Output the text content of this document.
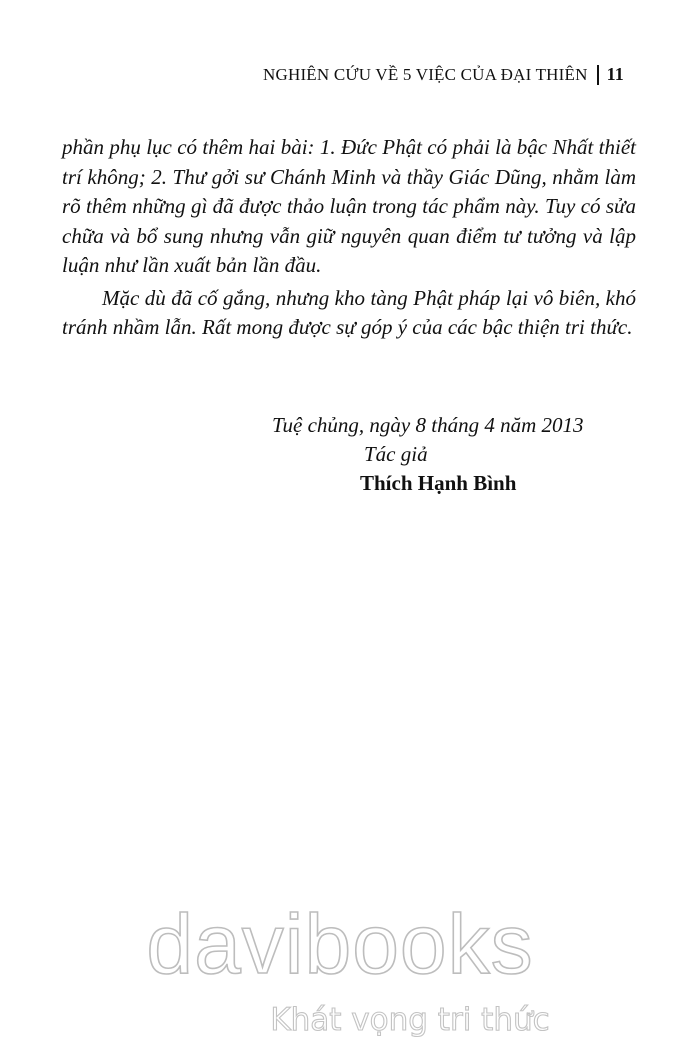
NGHIÊN CỨU VỀ 5 VIỆC CỦA ĐẠI THIÊN 11

phần phụ lục có thêm hai bài: 1. Đức Phật có phải là bậc Nhất thiết trí không; 2. Thư gởi sư Chánh Minh và thầy Giác Dũng, nhằm làm rõ thêm những gì đã được thảo luận trong tác phẩm này. Tuy có sửa chữa và bổ sung nhưng vẫn giữ nguyên quan điểm tư tưởng và lập luận như lần xuất bản lần đầu.

Mặc dù đã cố gắng, nhưng kho tàng Phật pháp lại vô biên, khó tránh nhầm lẫn. Rất mong được sự góp ý của các bậc thiện tri thức.

Tuệ chủng, ngày 8 tháng 4 năm 2013
Tác giả
Thích Hạnh Bình
davibooks
Khát vọng tri thức
